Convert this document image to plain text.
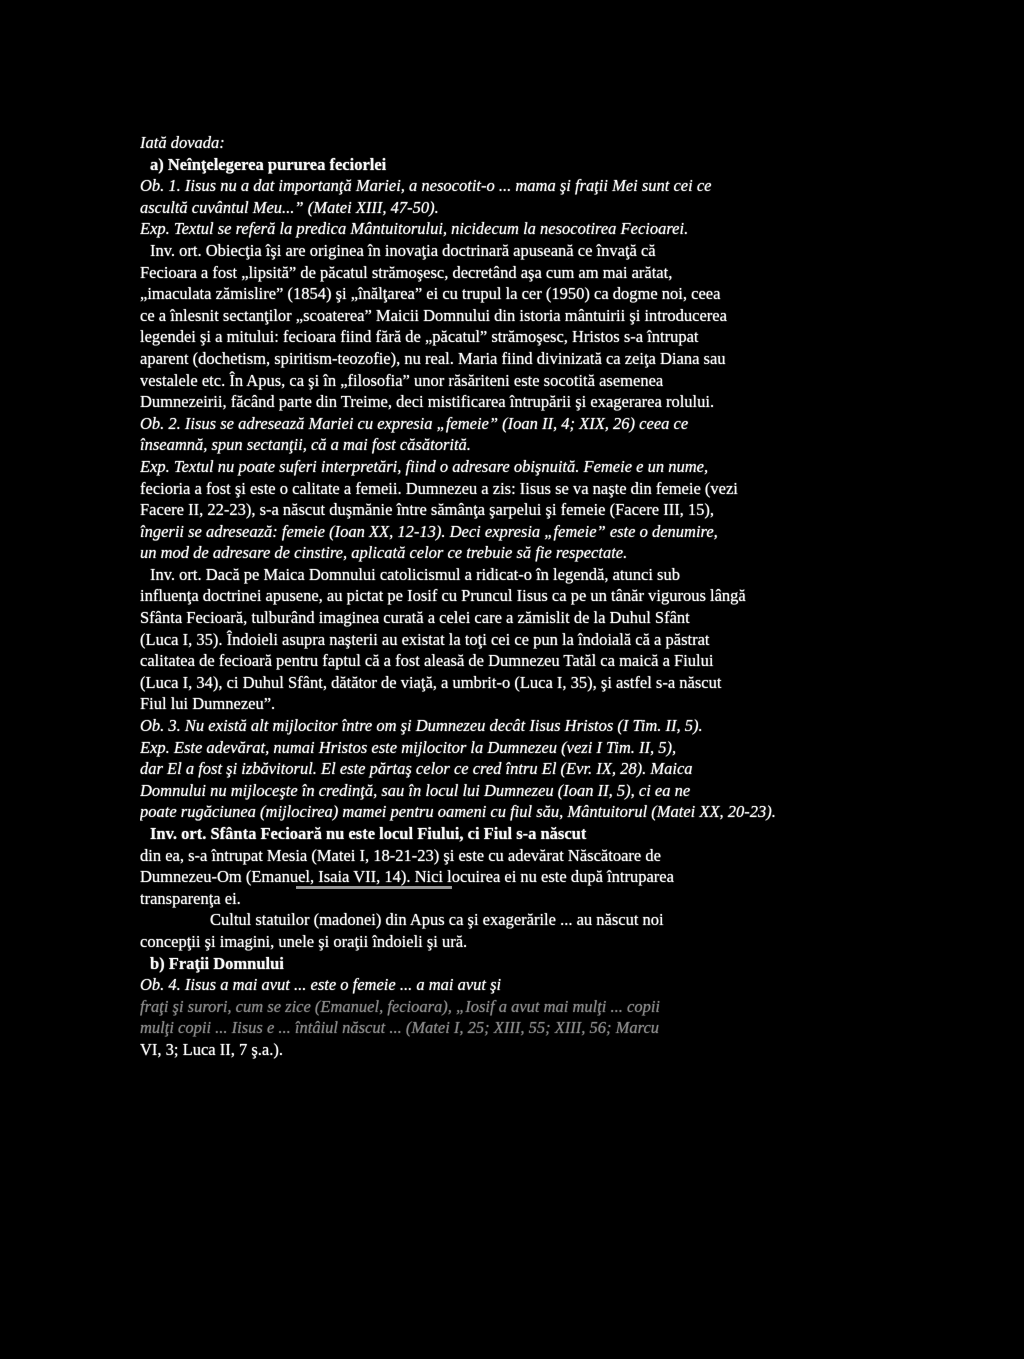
Iată dovada:
a) Neînţelegerea pururea feciorlei
Ob. 1. Iisus nu a dat importanţă Mariei, a nesocotit-o ... mama şi fraţii Mei sunt cei ce
ascultă cuvântul Meu...” (Matei XIII, 47-50).
Exp. Textul se referă la predica Mântuitorului, nicidecum la nesocotirea Fecioarei.
Inv. ort. Obiecţia îşi are originea în inovaţia doctrinară apuseană ce învaţă că
Fecioara a fost „lipsită” de păcatul strămoşesc, decretând aşa cum am mai arătat,
„imaculata zămislire” (1854) şi „înălţarea” ei cu trupul la cer (1950) ca dogme noi, ceea
ce a înlesnit sectanţilor „scoaterea” Maicii Domnului din istoria mântuirii şi introducerea
legendei şi a mitului: fecioara fiind fără de „păcatul” strămoşesc, Hristos s-a întrupat
aparent (dochetism, spiritism-teozofie), nu real. Maria fiind divinizată ca zeiţa Diana sau
vestalele etc. În Apus, ca şi în „filosofia” unor răsăriteni este socotită asemenea
Dumnezeirii, făcând parte din Treime, deci mistificarea întrupării şi exagerarea rolului.
Ob. 2. Iisus se adresează Mariei cu expresia „femeie” (Ioan II, 4; XIX, 26) ceea ce
înseamnă, spun sectanţii, că a mai fost căsătorită.
Exp. Textul nu poate suferi interpretări, fiind o adresare obişnuită. Femeie e un nume,
fecioria a fost şi este o calitate a femeii. Dumnezeu a zis: Iisus se va naşte din femeie (vezi
Facere II, 22-23), s-a născut duşmănie între sămânţa şarpelui şi femeie (Facere III, 15),
îngerii se adresează: femeie (Ioan XX, 12-13). Deci expresia „femeie” este o denumire,
un mod de adresare de cinstire, aplicată celor ce trebuie să fie respectate.
Inv. ort. Dacă pe Maica Domnului catolicismul a ridicat-o în legendă, atunci sub
influenţa doctrinei apusene, au pictat pe Iosif cu Pruncul Iisus ca pe un tânăr vigurous lângă
Sfânta Fecioară, tulburând imaginea curată a celei care a zămislit de la Duhul Sfânt
(Luca I, 35). Îndoieli asupra naşterii au existat la toţi cei ce pun la îndoială că a păstrat
calitatea de fecioară pentru faptul că a fost aleasă de Dumnezeu Tatăl ca maică a Fiului
(Luca I, 34), ci Duhul Sfânt, dătător de viaţă, a umbrit-o (Luca I, 35), şi astfel s-a născut
Fiul lui Dumnezeu”.
Ob. 3. Nu există alt mijlocitor între om şi Dumnezeu decât Iisus Hristos (I Tim. II, 5).
Exp. Este adevărat, numai Hristos este mijlocitor la Dumnezeu (vezi I Tim. II, 5),
dar El a fost şi izbăvitorul. El este părtaş celor ce cred întru El (Evr. IX, 28). Maica
Domnului nu mijloceşte în credinţă, sau în locul lui Dumnezeu (Ioan II, 5), ci ea ne
poate rugăciunea (mijlocirea) mamei pentru oameni cu fiul său, Mântuitorul (Matei XX, 20-23).
Inv. ort. Sfânta Fecioară nu este locul Fiului, ci Fiul s-a născut
din ea, s-a întrupat Mesia (Matei I, 18-21-23) şi este cu adevărat Născătoare de
Dumnezeu-Om (Emanuel, Isaia VII, 14). Nici locuirea ei nu este după întruparea
transparenţa ei.
Cultul statuilor (madonei) din Apus ca şi exagerările ... au născut noi
concepţii şi imagini, unele şi oraţii îndoieli şi ură.
b) Fraţii Domnului
Ob. 4. Iisus a mai avut ... este o femeie ... a mai avut şi
fraţi şi surori, cum se zice (Emanuel, fecioara), „Iosif a avut mai mulţi ... copii
mulţi copii ... Iisus e ... întâiul născut ... (Matei I, 25; XIII, 55; XIII, 56; Marcu
VI, 3; Luca II, 7 ş.a.).
